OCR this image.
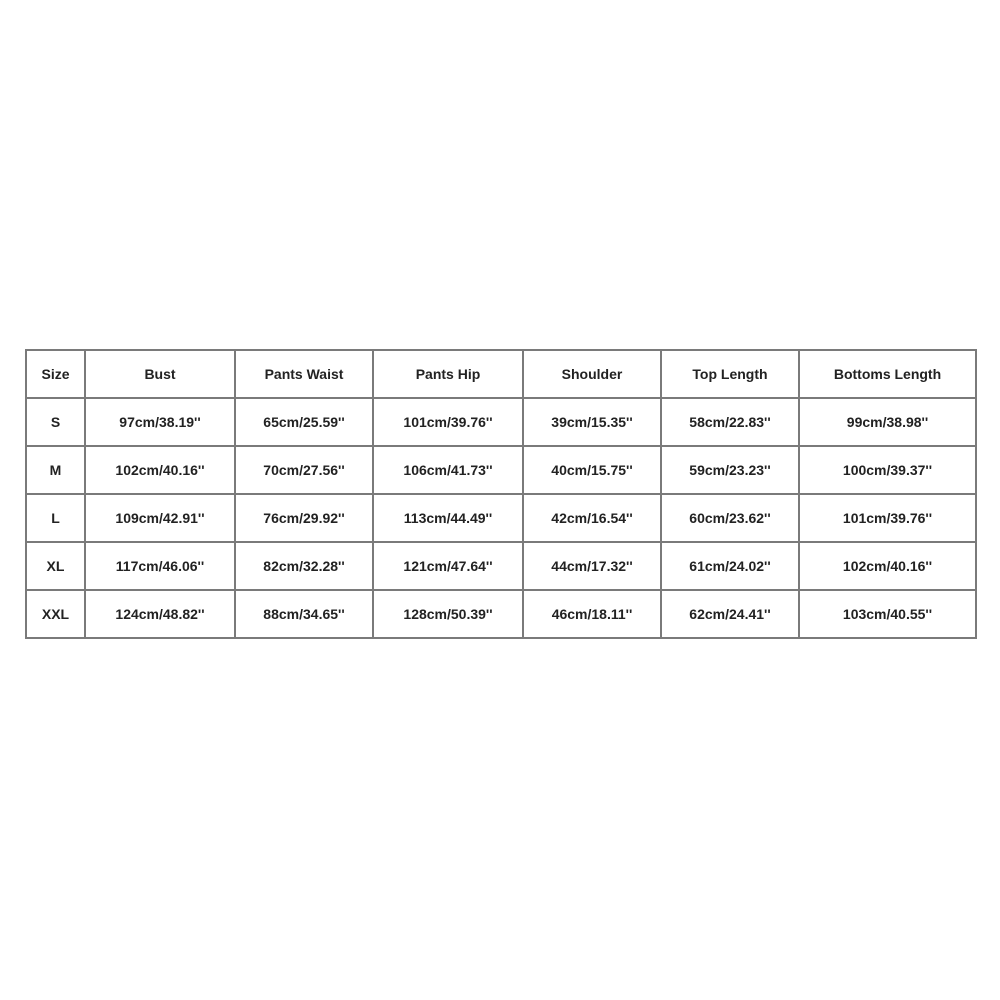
Size	Bust	Pants Waist	Pants Hip	Shoulder	Top Length	Bottoms Length
S	97cm/38.19''	65cm/25.59''	101cm/39.76''	39cm/15.35''	58cm/22.83''	99cm/38.98''
M	102cm/40.16''	70cm/27.56''	106cm/41.73''	40cm/15.75''	59cm/23.23''	100cm/39.37''
L	109cm/42.91''	76cm/29.92''	113cm/44.49''	42cm/16.54''	60cm/23.62''	101cm/39.76''
XL	117cm/46.06''	82cm/32.28''	121cm/47.64''	44cm/17.32''	61cm/24.02''	102cm/40.16''
XXL	124cm/48.82''	88cm/34.65''	128cm/50.39''	46cm/18.11''	62cm/24.41''	103cm/40.55''
